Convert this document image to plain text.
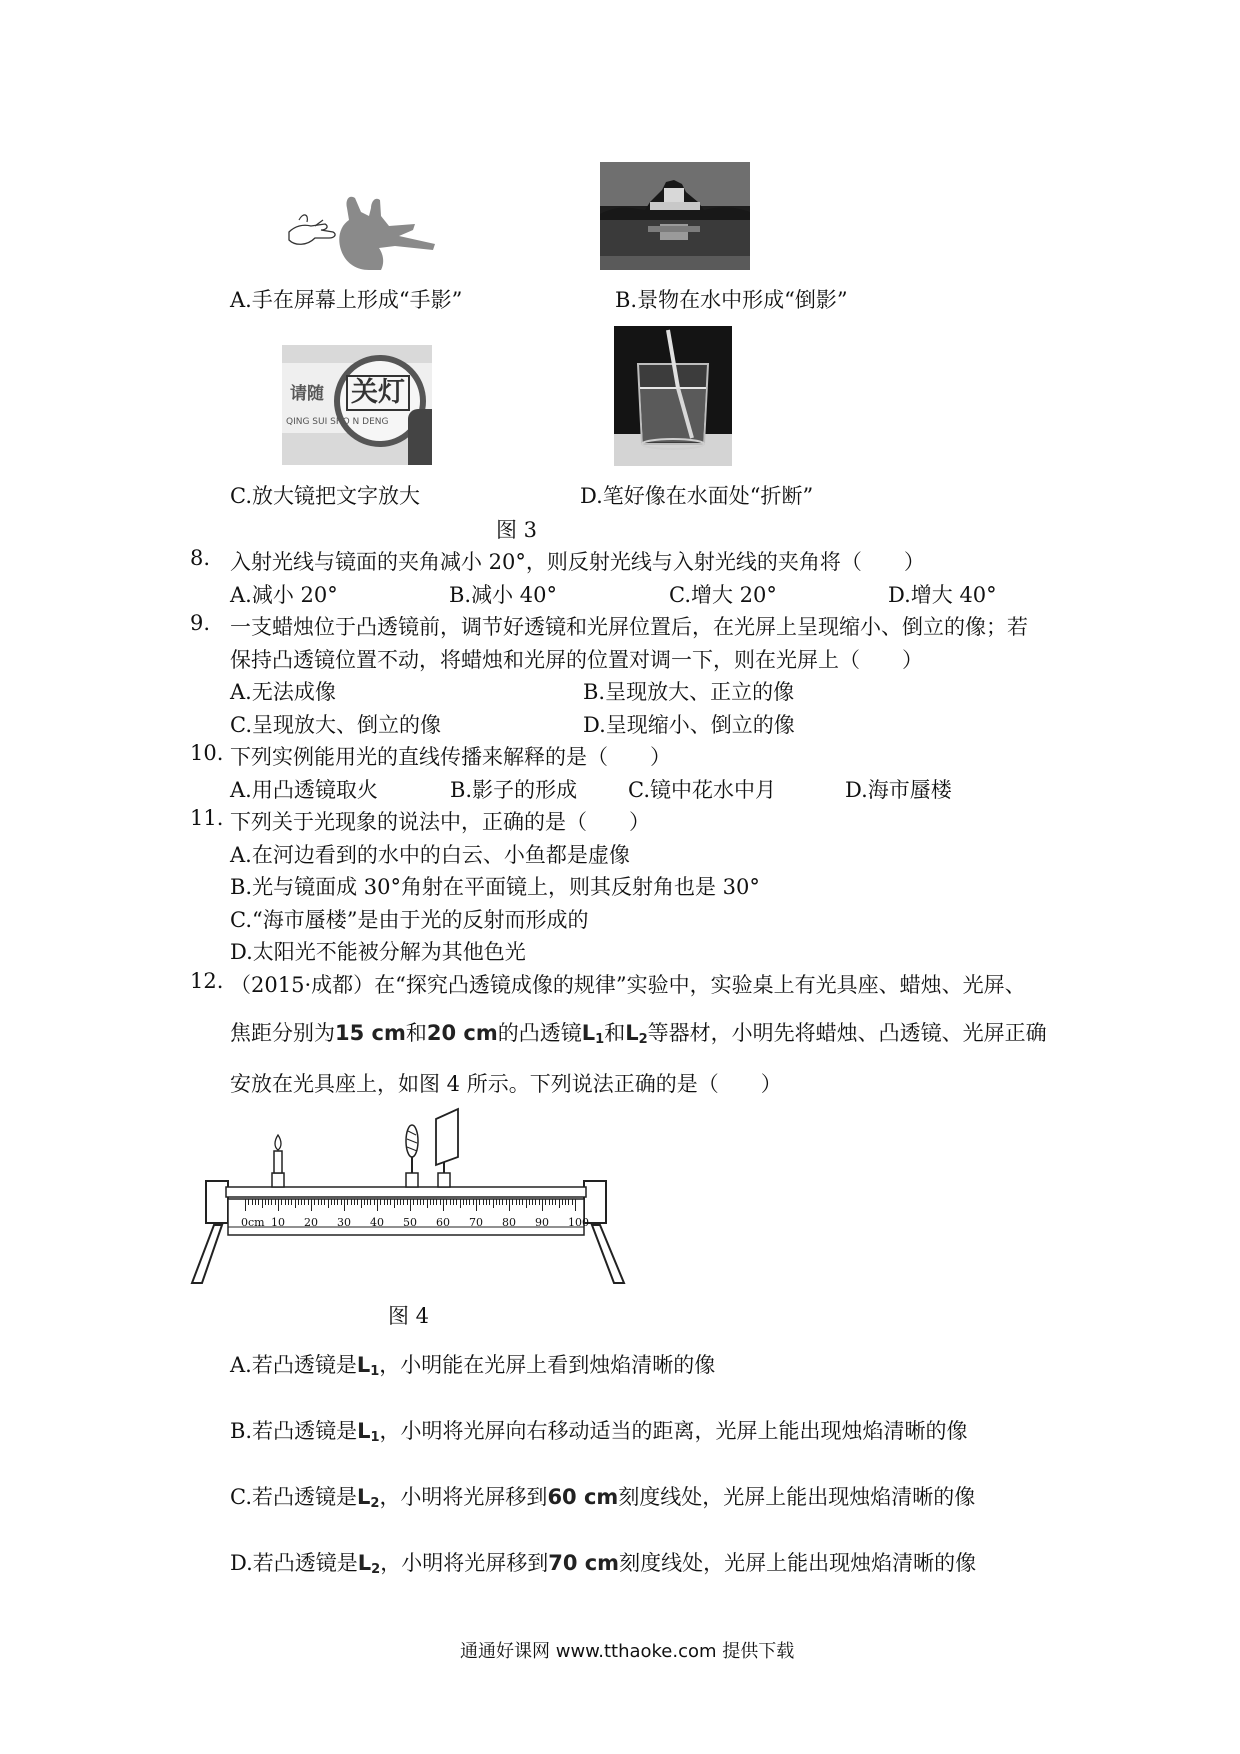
请随 关灯
QING SUI SHO N DENG
A.手在屏幕上形成“手影”	B.景物在水中形成“倒影”
C.放大镜把文字放大	D.笔好像在水面处“折断”
图 3
8. 入射光线与镜面的夹角减小 20°，则反射光线与入射光线的夹角将（　　）
A.减小 20°	B.减小 40°	C.增大 20°	D.增大 40°
9. 一支蜡烛位于凸透镜前，调节好透镜和光屏位置后，在光屏上呈现缩小、倒立的像；若
保持凸透镜位置不动，将蜡烛和光屏的位置对调一下，则在光屏上（　　）
A.无法成像	B.呈现放大、正立的像
C.呈现放大、倒立的像	D.呈现缩小、倒立的像
10. 下列实例能用光的直线传播来解释的是（　　）
A.用凸透镜取火	B.影子的形成 C.镜中花水中月	D.海市蜃楼
11. 下列关于光现象的说法中，正确的是（　　）
A.在河边看到的水中的白云、小鱼都是虚像
B.光与镜面成 30°角射在平面镜上，则其反射角也是 30°
C.“海市蜃楼”是由于光的反射而形成的
D.太阳光不能被分解为其他色光
12. （2015·成都）在“探究凸透镜成像的规律”实验中，实验桌上有光具座、蜡烛、光屏、
焦距分别为15 cm和20 cm的凸透镜$L_1$和$L_2$等器材，小明先将蜡烛、凸透镜、光屏正确
安放在光具座上，如图 4 所示。下列说法正确的是（　　）
0cm 10 20 30 40 50 60 70 80 90 100
图 4
A.若凸透镜是$L_1$，小明能在光屏上看到烛焰清晰的像
B.若凸透镜是$L_1$，小明将光屏向右移动适当的距离，光屏上能出现烛焰清晰的像
C.若凸透镜是$L_2$，小明将光屏移到60 cm刻度线处，光屏上能出现烛焰清晰的像
D.若凸透镜是$L_2$，小明将光屏移到70 cm刻度线处，光屏上能出现烛焰清晰的像
通通好课网 www.tthaoke.com 提供下载
